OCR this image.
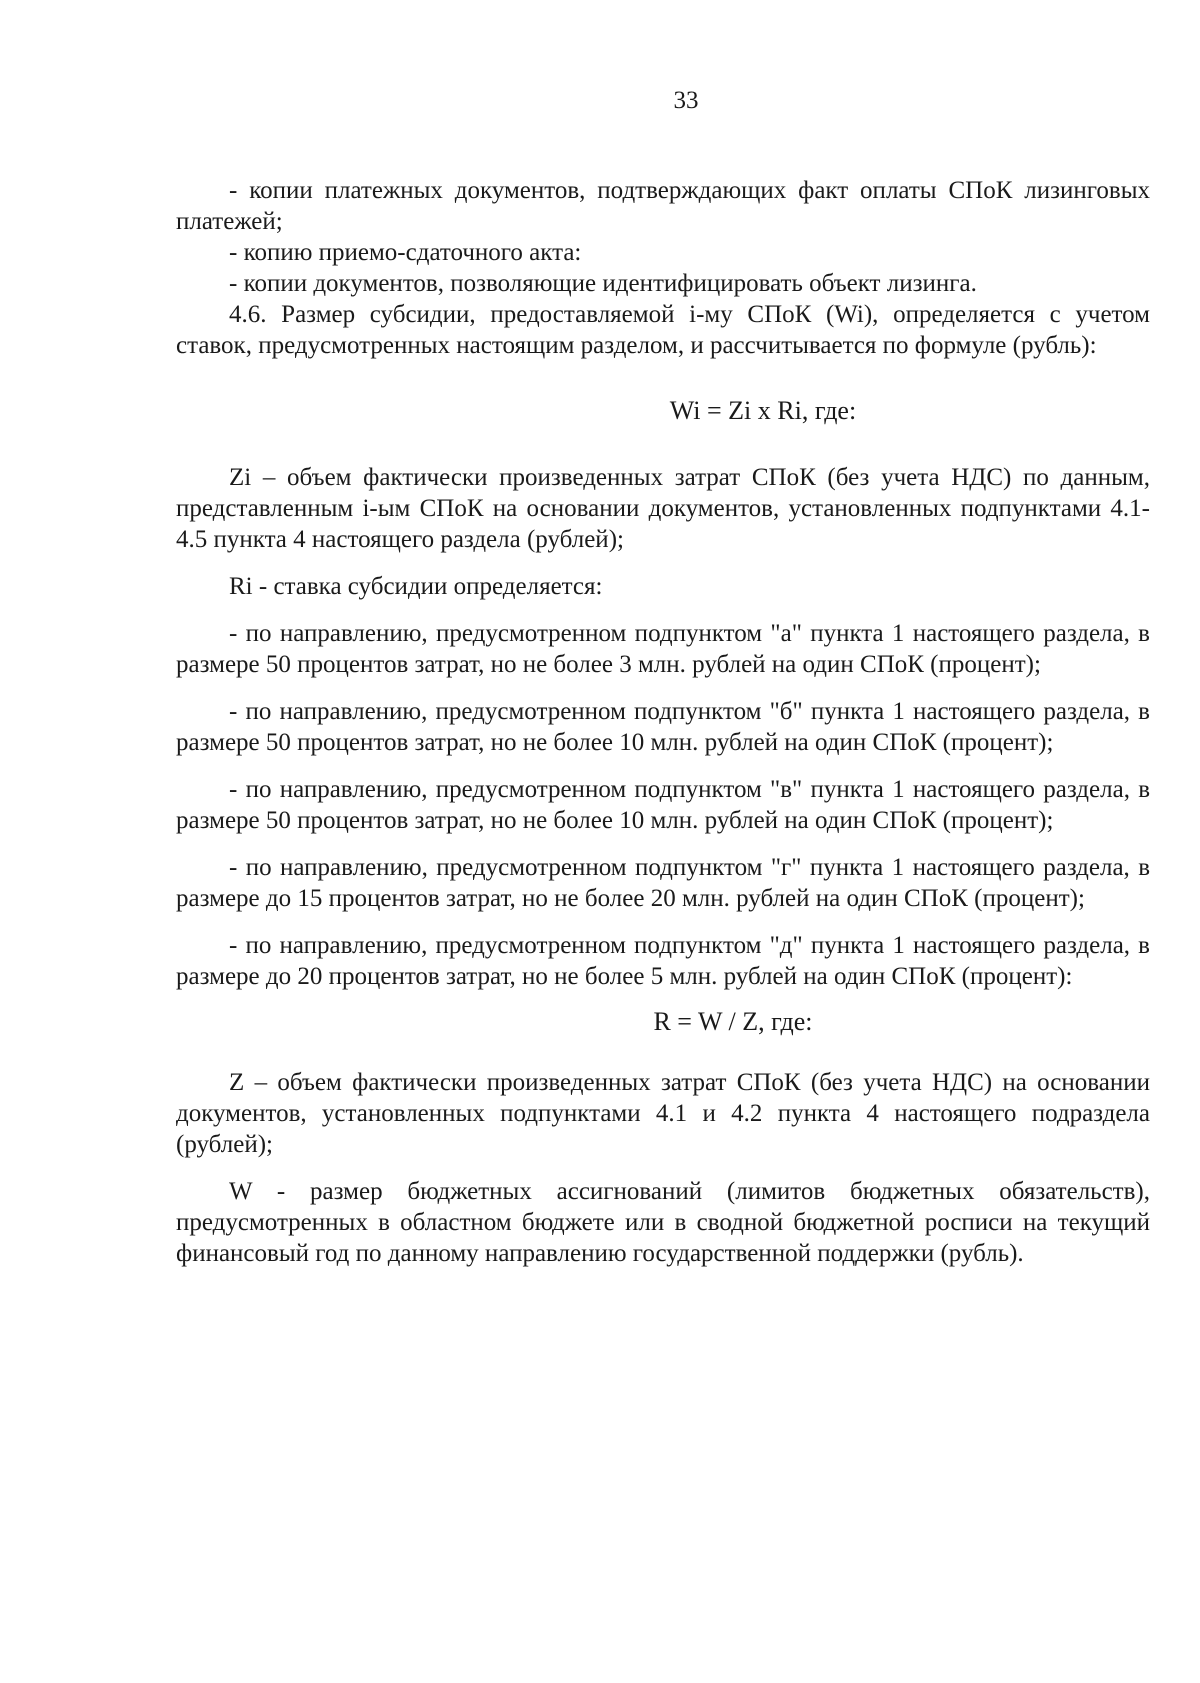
33

- копии платежных документов, подтверждающих факт оплаты СПоК лизинговых платежей;

- копию приемо-сдаточного акта:

- копии документов, позволяющие идентифицировать объект лизинга.

4.6. Размер субсидии, предоставляемой i-му СПоК (Wi), определяется с учетом ставок, предусмотренных настоящим разделом, и рассчитывается по формуле (рубль):

Wi = Zi x Ri, где:

Zi – объем фактически произведенных затрат СПоК (без учета НДС) по данным, представленным i-ым СПоК на основании документов, установленных подпунктами 4.1-4.5 пункта 4 настоящего раздела (рублей);

Ri - ставка субсидии определяется:

- по направлению, предусмотренном подпунктом "а" пункта 1 настоящего раздела, в размере 50 процентов затрат, но не более 3 млн. рублей на один СПоК (процент);

- по направлению, предусмотренном подпунктом "б" пункта 1 настоящего раздела, в размере 50 процентов затрат, но не более 10 млн. рублей на один СПоК (процент);

- по направлению, предусмотренном подпунктом "в" пункта 1 настоящего раздела, в размере 50 процентов затрат, но не более 10 млн. рублей на один СПоК (процент);

- по направлению, предусмотренном подпунктом "г" пункта 1 настоящего раздела, в размере до 15 процентов затрат, но не более 20 млн. рублей на один СПоК (процент);

- по направлению, предусмотренном подпунктом "д" пункта 1 настоящего раздела, в размере до 20 процентов затрат, но не более 5 млн. рублей на один СПоК (процент):

R = W / Z, где:

Z – объем фактически произведенных затрат СПоК (без учета НДС) на основании документов, установленных подпунктами 4.1 и 4.2 пункта 4 настоящего подраздела (рублей);

W - размер бюджетных ассигнований (лимитов бюджетных обязательств), предусмотренных в областном бюджете или в сводной бюджетной росписи на текущий финансовый год по данному направлению государственной поддержки (рубль).
